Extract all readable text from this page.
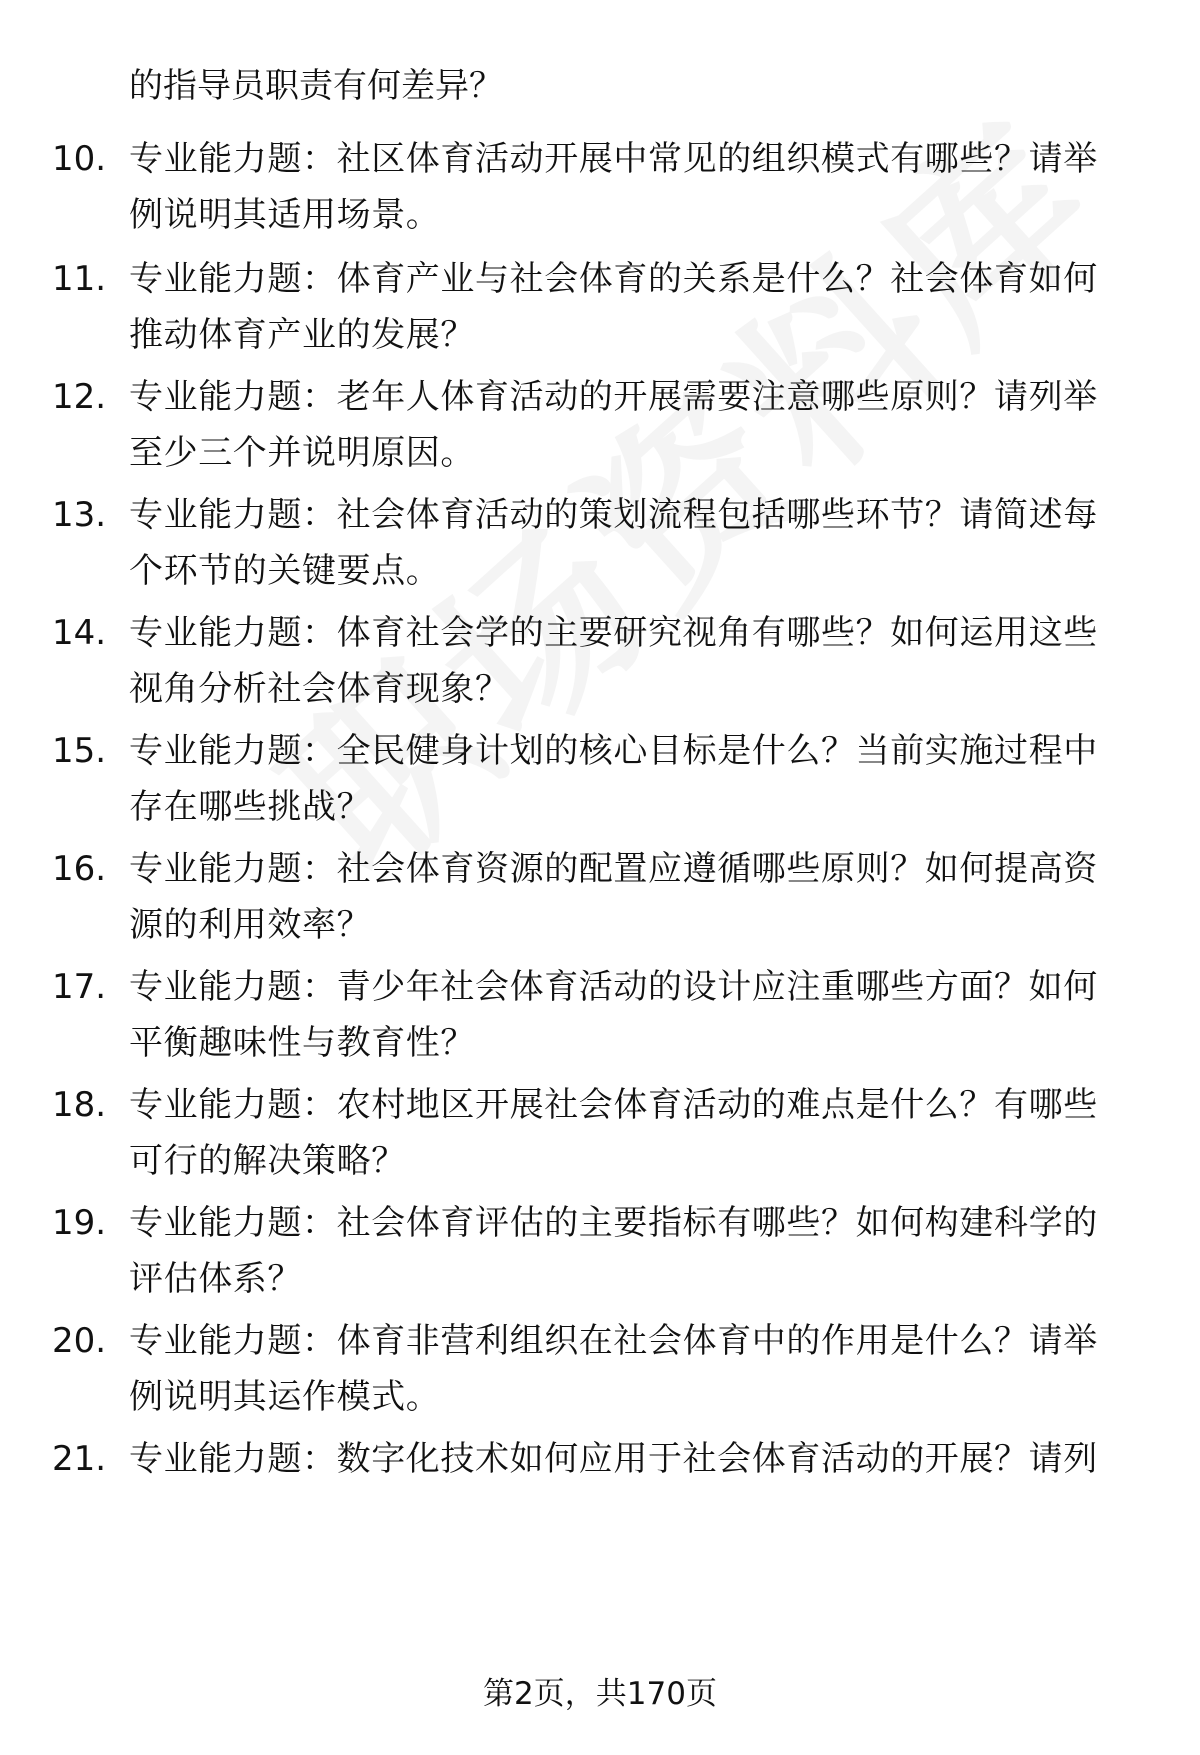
的指导员职责有何差异？
10. 专业能力题：社区体育活动开展中常见的组织模式有哪些？请举
例说明其适用场景。
11. 专业能力题：体育产业与社会体育的关系是什么？社会体育如何
推动体育产业的发展？
12. 专业能力题：老年人体育活动的开展需要注意哪些原则？请列举
至少三个并说明原因。
13. 专业能力题：社会体育活动的策划流程包括哪些环节？请简述每
个环节的关键要点。
14. 专业能力题：体育社会学的主要研究视角有哪些？如何运用这些
视角分析社会体育现象？
15. 专业能力题：全民健身计划的核心目标是什么？当前实施过程中
存在哪些挑战？
16. 专业能力题：社会体育资源的配置应遵循哪些原则？如何提高资
源的利用效率？
17. 专业能力题：青少年社会体育活动的设计应注重哪些方面？如何
平衡趣味性与教育性？
18. 专业能力题：农村地区开展社会体育活动的难点是什么？有哪些
可行的解决策略？
19. 专业能力题：社会体育评估的主要指标有哪些？如何构建科学的
评估体系？
20. 专业能力题：体育非营利组织在社会体育中的作用是什么？请举
例说明其运作模式。
21. 专业能力题：数字化技术如何应用于社会体育活动的开展？请列
第2页，共170页
